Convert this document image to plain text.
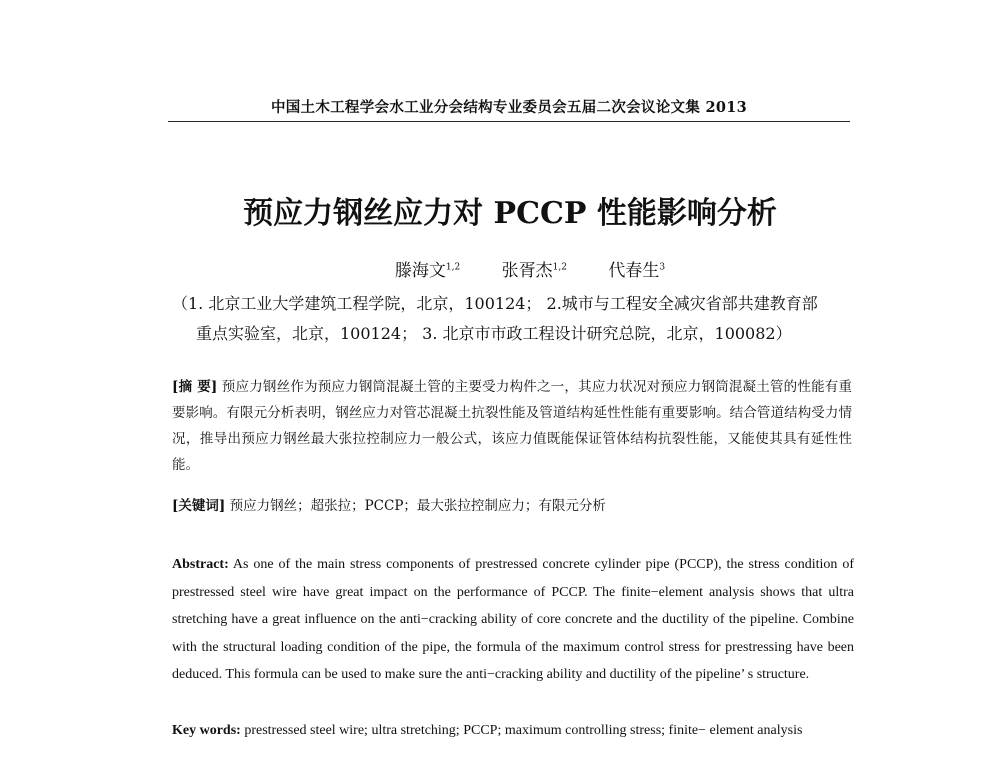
中国土木工程学会水工业分会结构专业委员会五届二次会议论文集 2013
预应力钢丝应力对 PCCP 性能影响分析
滕海文$^{1,2}$ 张胥杰$^{1,2}$ 代春生$^3$
（1. 北京工业大学建筑工程学院，北京，100124； 2.城市与工程安全减灾省部共建教育部
重点实验室，北京，100124； 3. 北京市市政工程设计研究总院，北京，100082）
[摘 要] 预应力钢丝作为预应力钢筒混凝土管的主要受力构件之一，其应力状况对预应力钢筒混凝土管的性能有重要影响。有限元分析表明，钢丝应力对管芯混凝土抗裂性能及管道结构延性性能有重要影响。结合管道结构受力情况，推导出预应力钢丝最大张拉控制应力一般公式，该应力值既能保证管体结构抗裂性能，又能使其具有延性性能。
[关键词] 预应力钢丝；超张拉；PCCP；最大张拉控制应力；有限元分析
Abstract: As one of the main stress components of prestressed concrete cylinder pipe (PCCP), the stress condition of prestressed steel wire have great impact on the performance of PCCP. The finite−element analysis shows that ultra stretching have a great influence on the anti−cracking ability of core concrete and the ductility of the pipeline. Combine with the structural loading condition of the pipe, the formula of the maximum control stress for prestressing have been deduced. This formula can be used to make sure the anti−cracking ability and ductility of the pipeline’ s structure.
Key words: prestressed steel wire; ultra stretching; PCCP; maximum controlling stress; finite− element analysis
